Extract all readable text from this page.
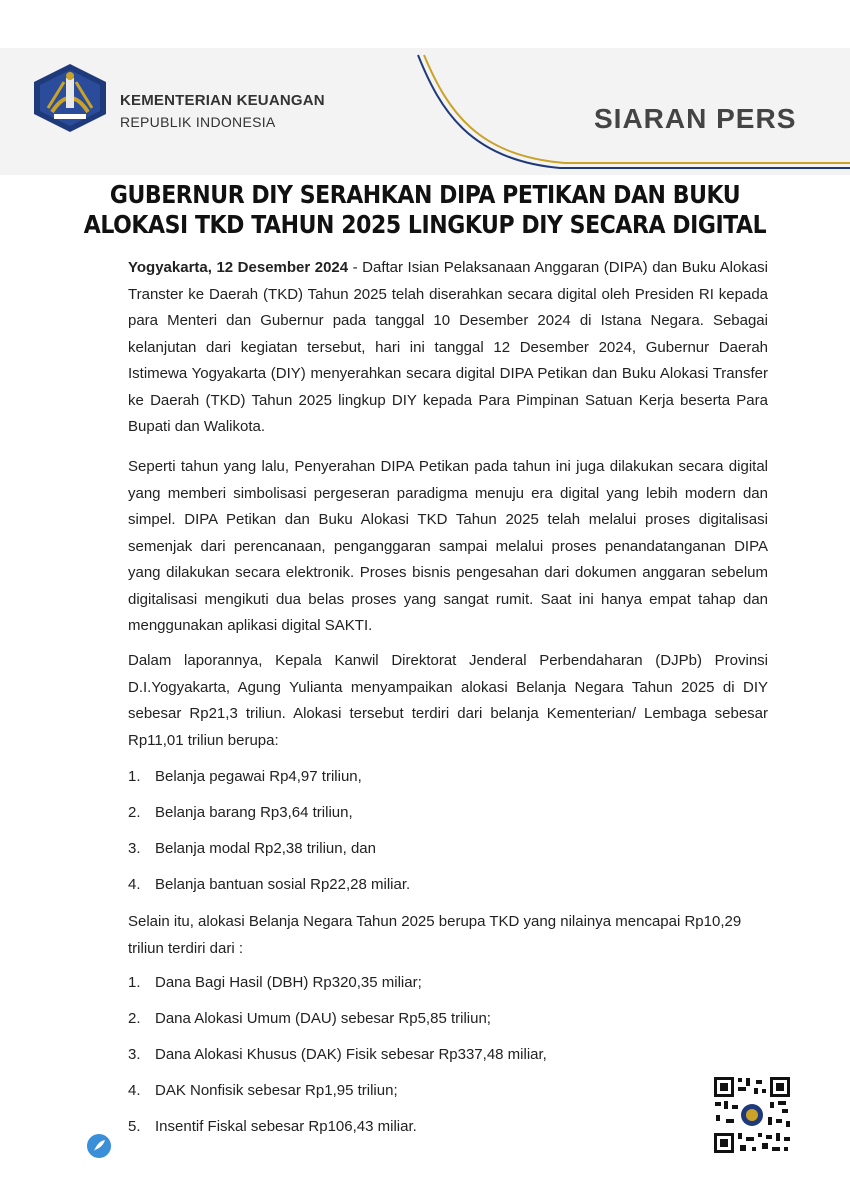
KEMENTERIAN KEUANGAN
REPUBLIK INDONESIA	SIARAN PERS
GUBERNUR DIY SERAHKAN DIPA PETIKAN DAN BUKU
ALOKASI TKD TAHUN 2025 LINGKUP DIY SECARA DIGITAL

Yogyakarta, 12 Desember 2024 - Daftar Isian Pelaksanaan Anggaran (DIPA) dan Buku Alokasi Transter ke Daerah (TKD) Tahun 2025 telah diserahkan secara digital oleh Presiden RI kepada para Menteri dan Gubernur pada tanggal 10 Desember 2024 di Istana Negara. Sebagai kelanjutan dari kegiatan tersebut, hari ini tanggal 12 Desember 2024, Gubernur Daerah Istimewa Yogyakarta (DIY) menyerahkan secara digital DIPA Petikan dan Buku Alokasi Transfer ke Daerah (TKD) Tahun 2025 lingkup DIY kepada Para Pimpinan Satuan Kerja beserta Para Bupati dan Walikota.

Seperti tahun yang lalu, Penyerahan DIPA Petikan pada tahun ini juga dilakukan secara digital yang memberi simbolisasi pergeseran paradigma menuju era digital yang lebih modern dan simpel. DIPA Petikan dan Buku Alokasi TKD Tahun 2025 telah melalui proses digitalisasi semenjak dari perencanaan, penganggaran sampai melalui proses penandatanganan DIPA yang dilakukan secara elektronik. Proses bisnis pengesahan dari dokumen anggaran sebelum digitalisasi mengikuti dua belas proses yang sangat rumit. Saat ini hanya empat tahap dan menggunakan aplikasi digital SAKTI.

Dalam laporannya, Kepala Kanwil Direktorat Jenderal Perbendaharan (DJPb) Provinsi D.I.Yogyakarta, Agung Yulianta menyampaikan alokasi Belanja Negara Tahun 2025 di DIY sebesar Rp21,3 triliun. Alokasi tersebut terdiri dari belanja Kementerian/ Lembaga sebesar Rp11,01 triliun berupa:

1. Belanja pegawai Rp4,97 triliun,
2. Belanja barang Rp3,64 triliun,
3. Belanja modal Rp2,38 triliun, dan
4. Belanja bantuan sosial Rp22,28 miliar.
Selain itu, alokasi Belanja Negara Tahun 2025 berupa TKD yang nilainya mencapai Rp10,29 triliun terdiri dari :
1. Dana Bagi Hasil (DBH) Rp320,35 miliar;
2. Dana Alokasi Umum (DAU) sebesar Rp5,85 triliun;
3. Dana Alokasi Khusus (DAK) Fisik sebesar Rp337,48 miliar,
4. DAK Nonfisik sebesar Rp1,95 triliun;
5. Insentif Fiskal sebesar Rp106,43 miliar.
